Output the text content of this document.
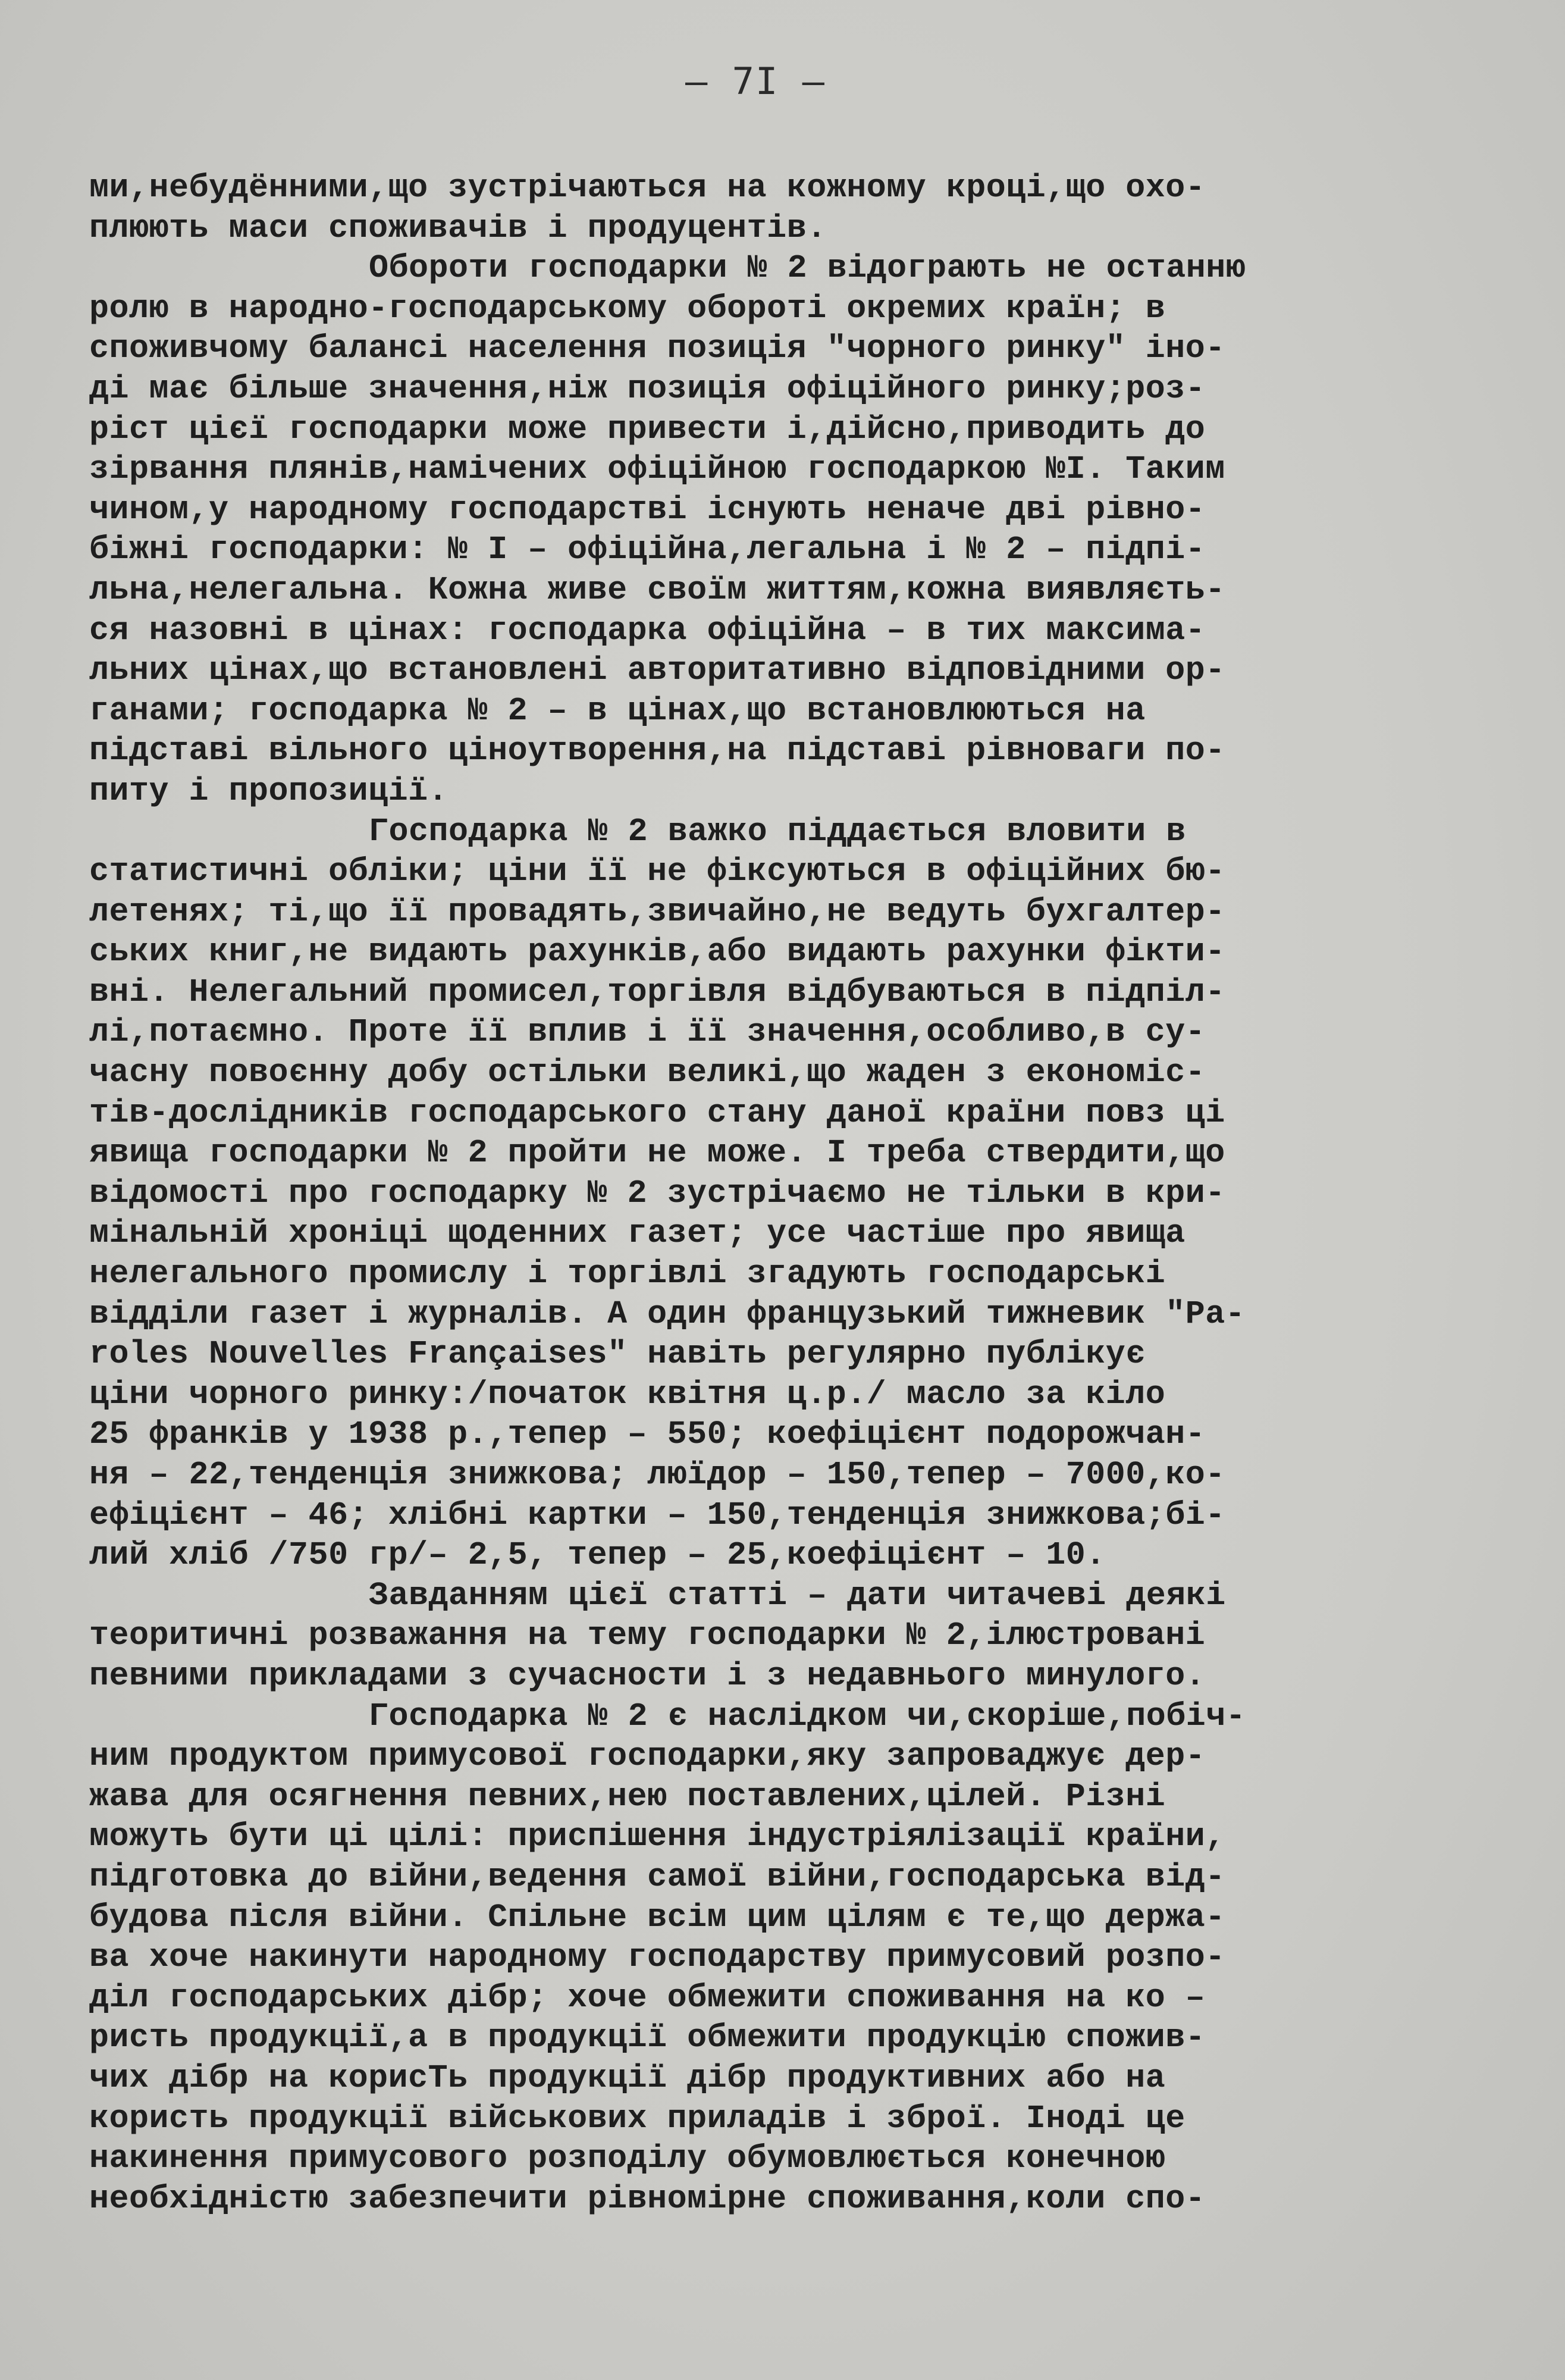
– 7I –
ми,небудённими,що зустрічаються на кожному кроці,що охо-
плюють маси споживачів і продуцентів.
Обороти господарки № 2 відограють не останню
ролю в народно-господарському обороті окремих країн; в
споживчому балансі населення позиція "чорного ринку" іно-
ді має більше значення,ніж позиція офіційного ринку;роз-
ріст цієї господарки може привести і,дійсно,приводить до
зірвання плянів,намічених офіційною господаркою №I. Таким
чином,у народному господарстві існують неначе дві рівно-
біжні господарки: № I – офіційна,легальна і № 2 – підпі-
льна,нелегальна. Кожна живе своїм життям,кожна виявляєть-
ся назовні в цінах: господарка офіційна – в тих максима-
льних цінах,що встановлені авторитативно відповідними ор-
ганами; господарка № 2 – в цінах,що встановлюються на
підставі вільного ціноутворення,на підставі рівноваги по-
питу і пропозиції.
Господарка № 2 важко піддається вловити в
статистичні обліки; ціни її не фіксуються в офіційних бю-
летенях; ті,що її провадять,звичайно,не ведуть бухгалтер-
ських книг,не видають рахунків,або видають рахунки фікти-
вні. Нелегальний промисел,торгівля відбуваються в підпіл-
лі,потаємно. Проте її вплив і її значення,особливо,в су-
часну повоєнну добу остільки великі,що жаден з економіс-
тів-дослідників господарського стану даної країни повз ці
явища господарки № 2 пройти не може. І треба ствердити,що
відомості про господарку № 2 зустрічаємо не тільки в кри-
мінальній хроніці щоденних газет; усе частіше про явища
нелегального промислу і торгівлі згадують господарські
відділи газет і журналів. А один французький тижневик "Pa-
roles Nouvelles Françaises" навіть регулярно публікує
ціни чорного ринку:/початок квітня ц.р./ масло за кіло
25 франків у 1938 р.,тепер – 550; коефіцієнт подорожчан-
ня – 22,тенденція знижкова; люїдор – 150,тепер – 7000,ко-
ефіцієнт – 46; хлібні картки – 150,тенденція знижкова;бі-
лий хліб /750 гр/– 2,5, тепер – 25,коефіцієнт – 10.
Завданням цієї статті – дати читачеві деякі
теоритичні розважання на тему господарки № 2,ілюстровані
певними прикладами з сучасности і з недавнього минулого.
Господарка № 2 є наслідком чи,скоріше,побіч-
ним продуктом примусової господарки,яку запроваджує дер-
жава для осягнення певних,нею поставлених,цілей. Різні
можуть бути ці цілі: приспішення індустріялізації країни,
підготовка до війни,ведення самої війни,господарська від-
будова після війни. Спільне всім цим цілям є те,що держа-
ва хоче накинути народному господарству примусовий розпо-
діл господарських дібр; хоче обмежити споживання на ко –
ристь продукції,а в продукції обмежити продукцію спожив-
чих дібр на корисТь продукції дібр продуктивних або на
користь продукції військових приладів і зброї. Іноді це
накинення примусового розподілу обумовлюється конечною
необхідністю забезпечити рівномірне споживання,коли спо-
